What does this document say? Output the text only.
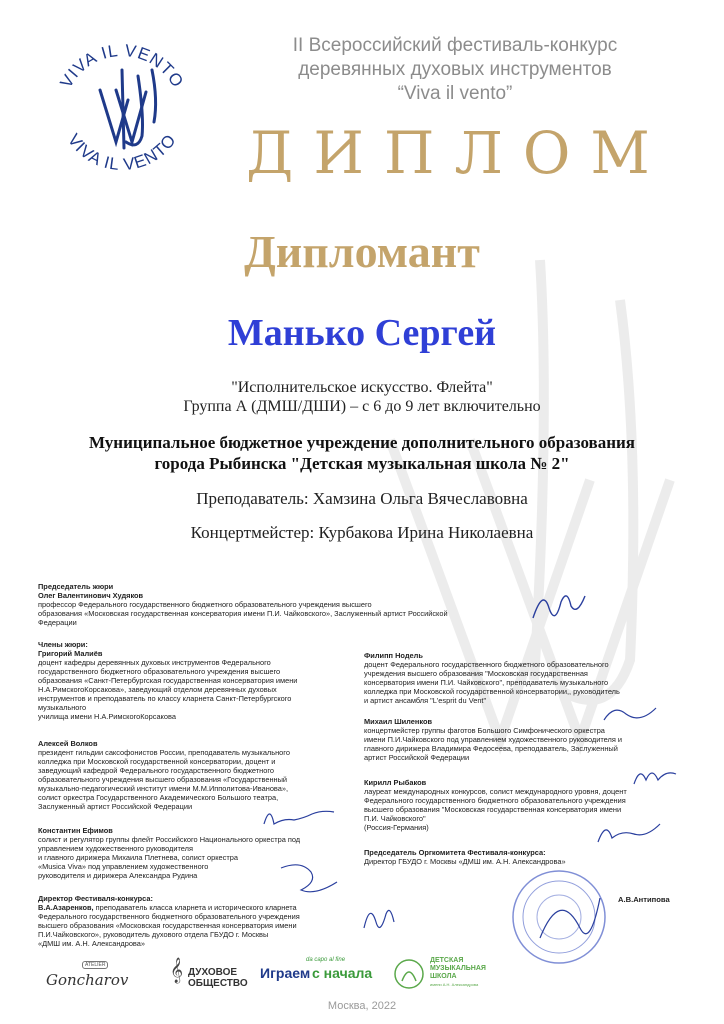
VIVA IL VENTO
VIVA IL VENTO
II Всероссийский фестиваль-конкурс
деревянных духовых инструментов
“Viva il vento”
ДИПЛОМ
Дипломант
Манько Сергей
"Исполнительское искусство. Флейта"
Группа А (ДМШ/ДШИ) – с 6 до 9 лет включительно
Муниципальное бюджетное учреждение дополнительного образования
города Рыбинска "Детская музыкальная школа № 2"
Преподаватель: Хамзина Ольга Вячеславовна
Концертмейстер: Курбакова Ирина Николаевна
Председатель жюри
Олег Валентинович Худяков
профессор Федерального государственного бюджетного образовательного учреждения высшего
образования «Московская государственная консерватория имени П.И. Чайковского», Заслуженный артист Российской
Федерации
Члены жюри:
Григорий Малиёв
доцент кафедры деревянных духовых инструментов Федерального
государственного бюджетного образовательного учреждения высшего
образования «Санкт-Петербургская государственная консерватория имени
Н.А.РимскогоКорсакова», заведующий отделом деревянных духовых
инструментов и преподаватель по классу кларнета Санкт-Петербургского
музыкального
училища имени Н.А.РимскогоКорсакова
Алексей Волков
президент гильдии саксофонистов России, преподаватель музыкального
колледжа при Московской государственной консерватории, доцент и
заведующий кафедрой Федерального государственного бюджетного
образовательного учреждения высшего образования «Государственный
музыкально-педагогический институт имени М.М.Ипполитова-Иванова»,
солист оркестра Государственного Академического Большого театра,
Заслуженный артист Российской Федерации
Константин Ефимов
солист и регулятор группы флейт Российского Национального оркестра под
управлением художественного руководителя
и главного дирижера Михаила Плетнева, солист оркестра
«Musica Viva» под управлением художественного
руководителя и дирижера Александра Рудина
Директор Фестиваля-конкурса:
В.А.Азаренков, преподаватель класса кларнета и исторического кларнета
Федерального государственного бюджетного образовательного учреждения
высшего образования «Московская государственная консерватория имени
П.И.Чайковского», руководитель духового отдела ГБУДО г. Москвы
«ДМШ им. А.Н. Александрова»
Филипп Нодель
доцент Федерального государственного бюджетного образовательного
учреждения высшего образования "Московская государственная
консерватория имени П.И. Чайковского", преподаватель музыкального
колледжа при Московской государственной консерватории,, руководитель
и артист ансамбля "L'esprit du Vent"
Михаил Шиленков
концертмейстер группы фаготов Большого Симфонического оркестра
имени П.И.Чайковского под управлением художественного руководителя и
главного дирижера Владимира Федосеева, преподаватель, Заслуженный
артист Российской Федерации
Кирилл Рыбаков
лауреат международных конкурсов, солист международного уровня, доцент
Федерального государственного бюджетного образовательного учреждения
высшего образования "Московская государственная консерватория имени
П.И. Чайковского"
(Россия-Германия)
Председатель Оргкомитета Фестиваля-конкурса:
Директор ГБУДО г. Москвы «ДМШ им. А.Н. Александрова»
А.В.Антипова
ATELIER
Goncharov 𝄞 ДУХОВОЕ
ОБЩЕСТВО
da capo al fine
Играем с начала
ДЕТСКАЯ
МУЗЫКАЛЬНАЯ
ШКОЛА
имени А.Н. Александрова
Москва, 2022
